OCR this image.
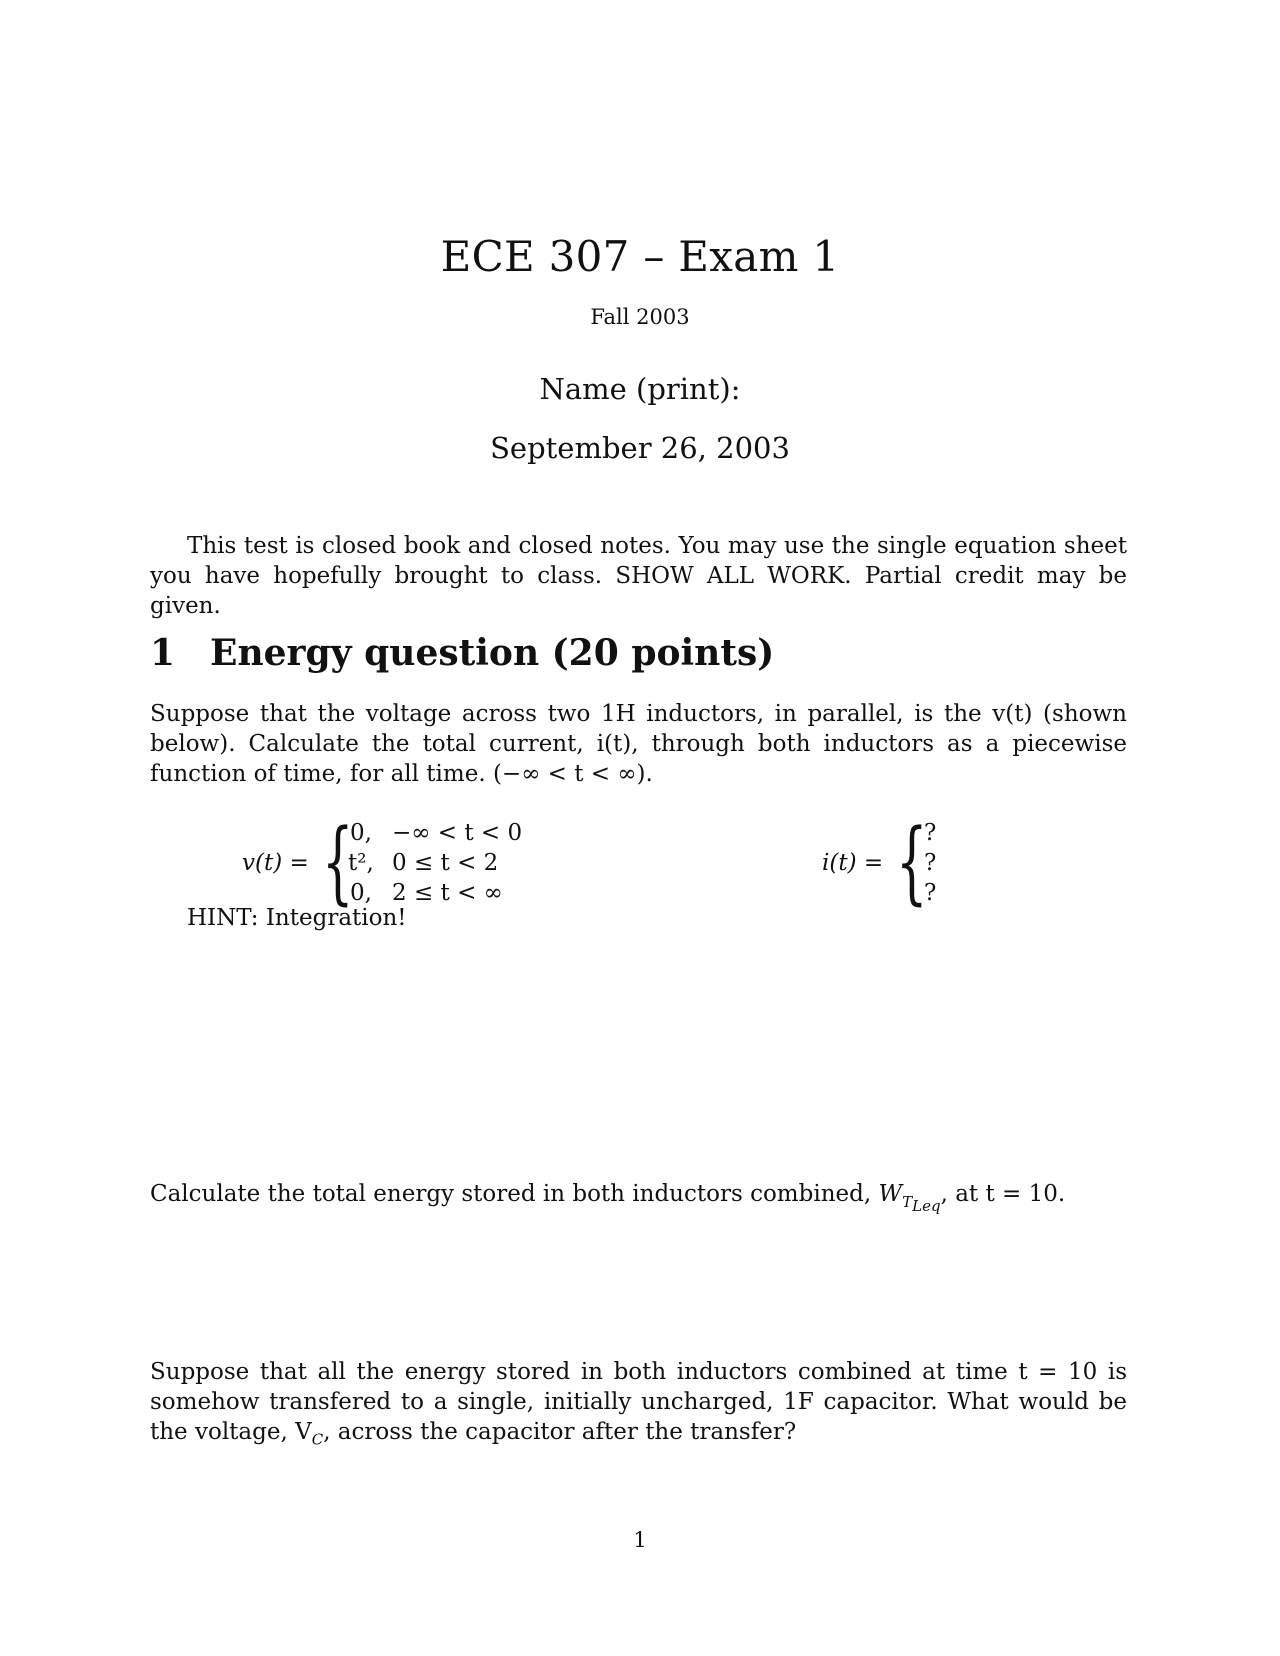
ECE 307 – Exam 1
Fall 2003
Name (print):
September 26, 2003
This test is closed book and closed notes. You may use the single equation sheet you have hopefully brought to class. SHOW ALL WORK. Partial credit may be given.
1 Energy question (20 points)
Suppose that the voltage across two 1H inductors, in parallel, is the v(t) (shown below). Calculate the total current, i(t), through both inductors as a piecewise function of time, for all time. (−∞ < t < ∞).
v(t) = {
0, −∞ < t < 0
t², 0 ≤ t < 2
0, 2 ≤ t < ∞
i(t) = {
?
?
?
HINT: Integration!
Calculate the total energy stored in both inductors combined, $W_{T_{Leq}}$, at t = 10.
Suppose that all the energy stored in both inductors combined at time t = 10 is somehow transfered to a single, initially uncharged, 1F capacitor. What would be the voltage, $V_C$, across the capacitor after the transfer?
1
